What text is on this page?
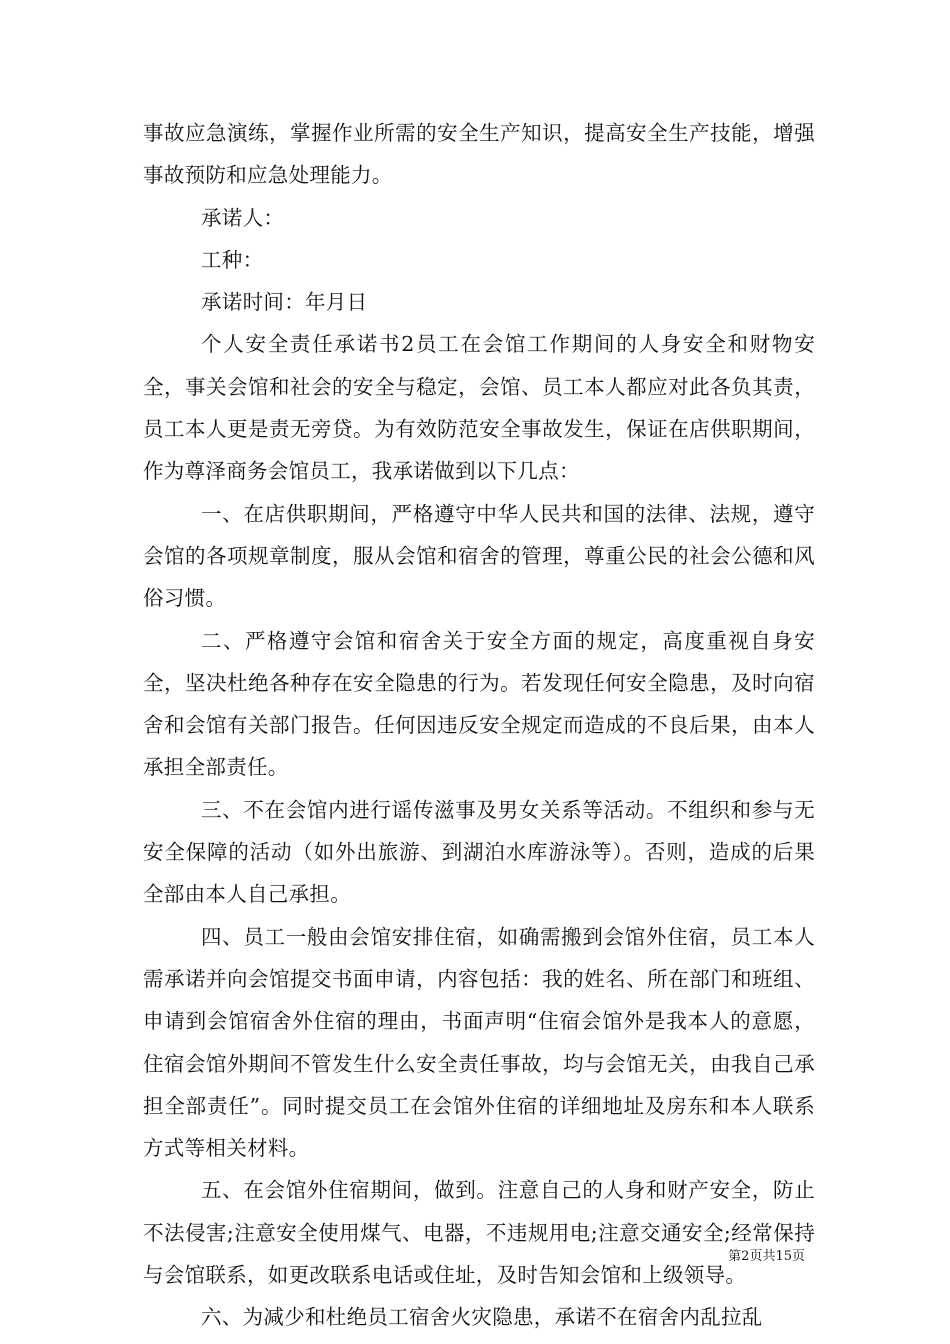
事故应急演练，掌握作业所需的安全生产知识，提高安全生产技能，增强事故预防和应急处理能力。

承诺人：

工种：

承诺时间：年月日

个人安全责任承诺书2员工在会馆工作期间的人身安全和财物安全，事关会馆和社会的安全与稳定，会馆、员工本人都应对此各负其责，员工本人更是责无旁贷。为有效防范安全事故发生，保证在店供职期间，作为尊泽商务会馆员工，我承诺做到以下几点：

一、在店供职期间，严格遵守中华人民共和国的法律、法规，遵守会馆的各项规章制度，服从会馆和宿舍的管理，尊重公民的社会公德和风俗习惯。

二、严格遵守会馆和宿舍关于安全方面的规定，高度重视自身安全，坚决杜绝各种存在安全隐患的行为。若发现任何安全隐患，及时向宿舍和会馆有关部门报告。任何因违反安全规定而造成的不良后果，由本人承担全部责任。

三、不在会馆内进行谣传滋事及男女关系等活动。不组织和参与无安全保障的活动（如外出旅游、到湖泊水库游泳等）。否则，造成的后果全部由本人自己承担。

四、员工一般由会馆安排住宿，如确需搬到会馆外住宿，员工本人需承诺并向会馆提交书面申请，内容包括：我的姓名、所在部门和班组、申请到会馆宿舍外住宿的理由，书面声明“住宿会馆外是我本人的意愿，住宿会馆外期间不管发生什么安全责任事故，均与会馆无关，由我自己承担全部责任”。同时提交员工在会馆外住宿的详细地址及房东和本人联系方式等相关材料。

五、在会馆外住宿期间，做到。注意自己的人身和财产安全，防止不法侵害;注意安全使用煤气、电器，不违规用电;注意交通安全;经常保持与会馆联系，如更改联系电话或住址，及时告知会馆和上级领导。

六、为减少和杜绝员工宿舍火灾隐患，承诺不在宿舍内乱拉乱

第2页共15页
